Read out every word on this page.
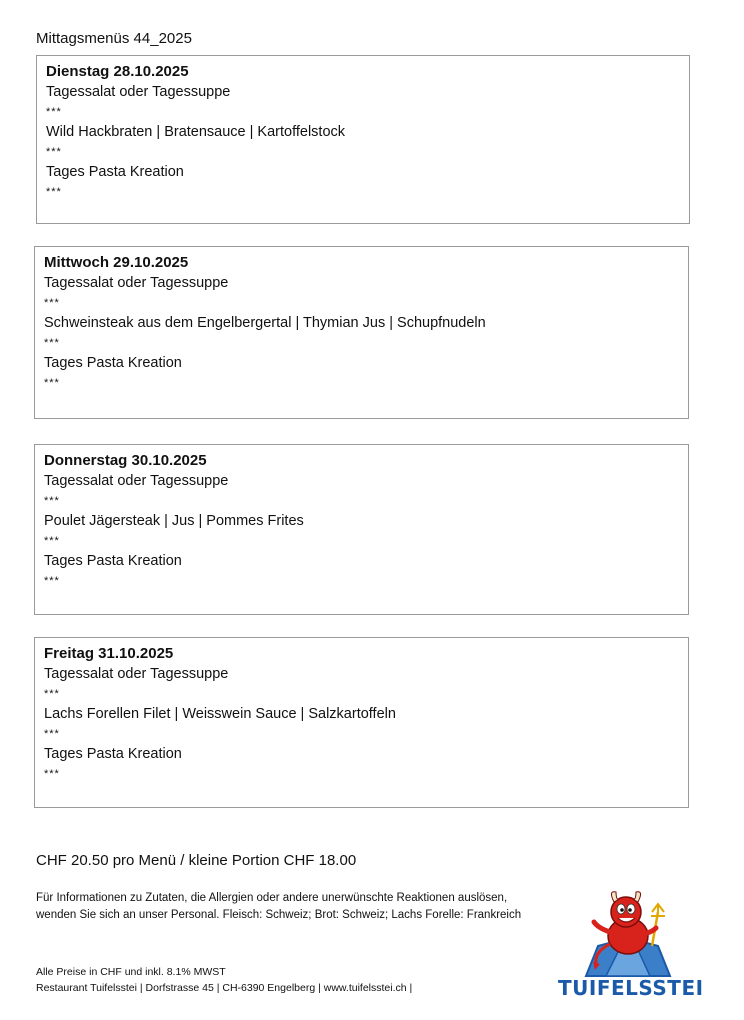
Mittagsmenüs 44_2025
Dienstag 28.10.2025
Tagessalat oder Tagessuppe
***
Wild Hackbraten | Bratensauce | Kartoffelstock
***
Tages Pasta Kreation
***
Mittwoch 29.10.2025
Tagessalat oder Tagessuppe
***
Schweinsteak aus dem Engelbergertal | Thymian Jus | Schupfnudeln
***
Tages Pasta Kreation
***
Donnerstag 30.10.2025
Tagessalat oder Tagessuppe
***
Poulet Jägersteak | Jus | Pommes Frites
***
Tages Pasta Kreation
***
Freitag 31.10.2025
Tagessalat oder Tagessuppe
***
Lachs Forellen Filet | Weisswein Sauce | Salzkartoffeln
***
Tages Pasta Kreation
***
CHF 20.50 pro Menü / kleine Portion CHF 18.00
Für Informationen zu Zutaten, die Allergien oder andere unerwünschte Reaktionen auslösen,
wenden Sie sich an unser Personal. Fleisch: Schweiz; Brot: Schweiz; Lachs Forelle: Frankreich
Alle Preise in CHF und inkl. 8.1% MWST
Restaurant Tuifelsstei | Dorfstrasse 45 | CH-6390 Engelberg | www.tuifelsstei.ch |	TUIFELSSTEI
